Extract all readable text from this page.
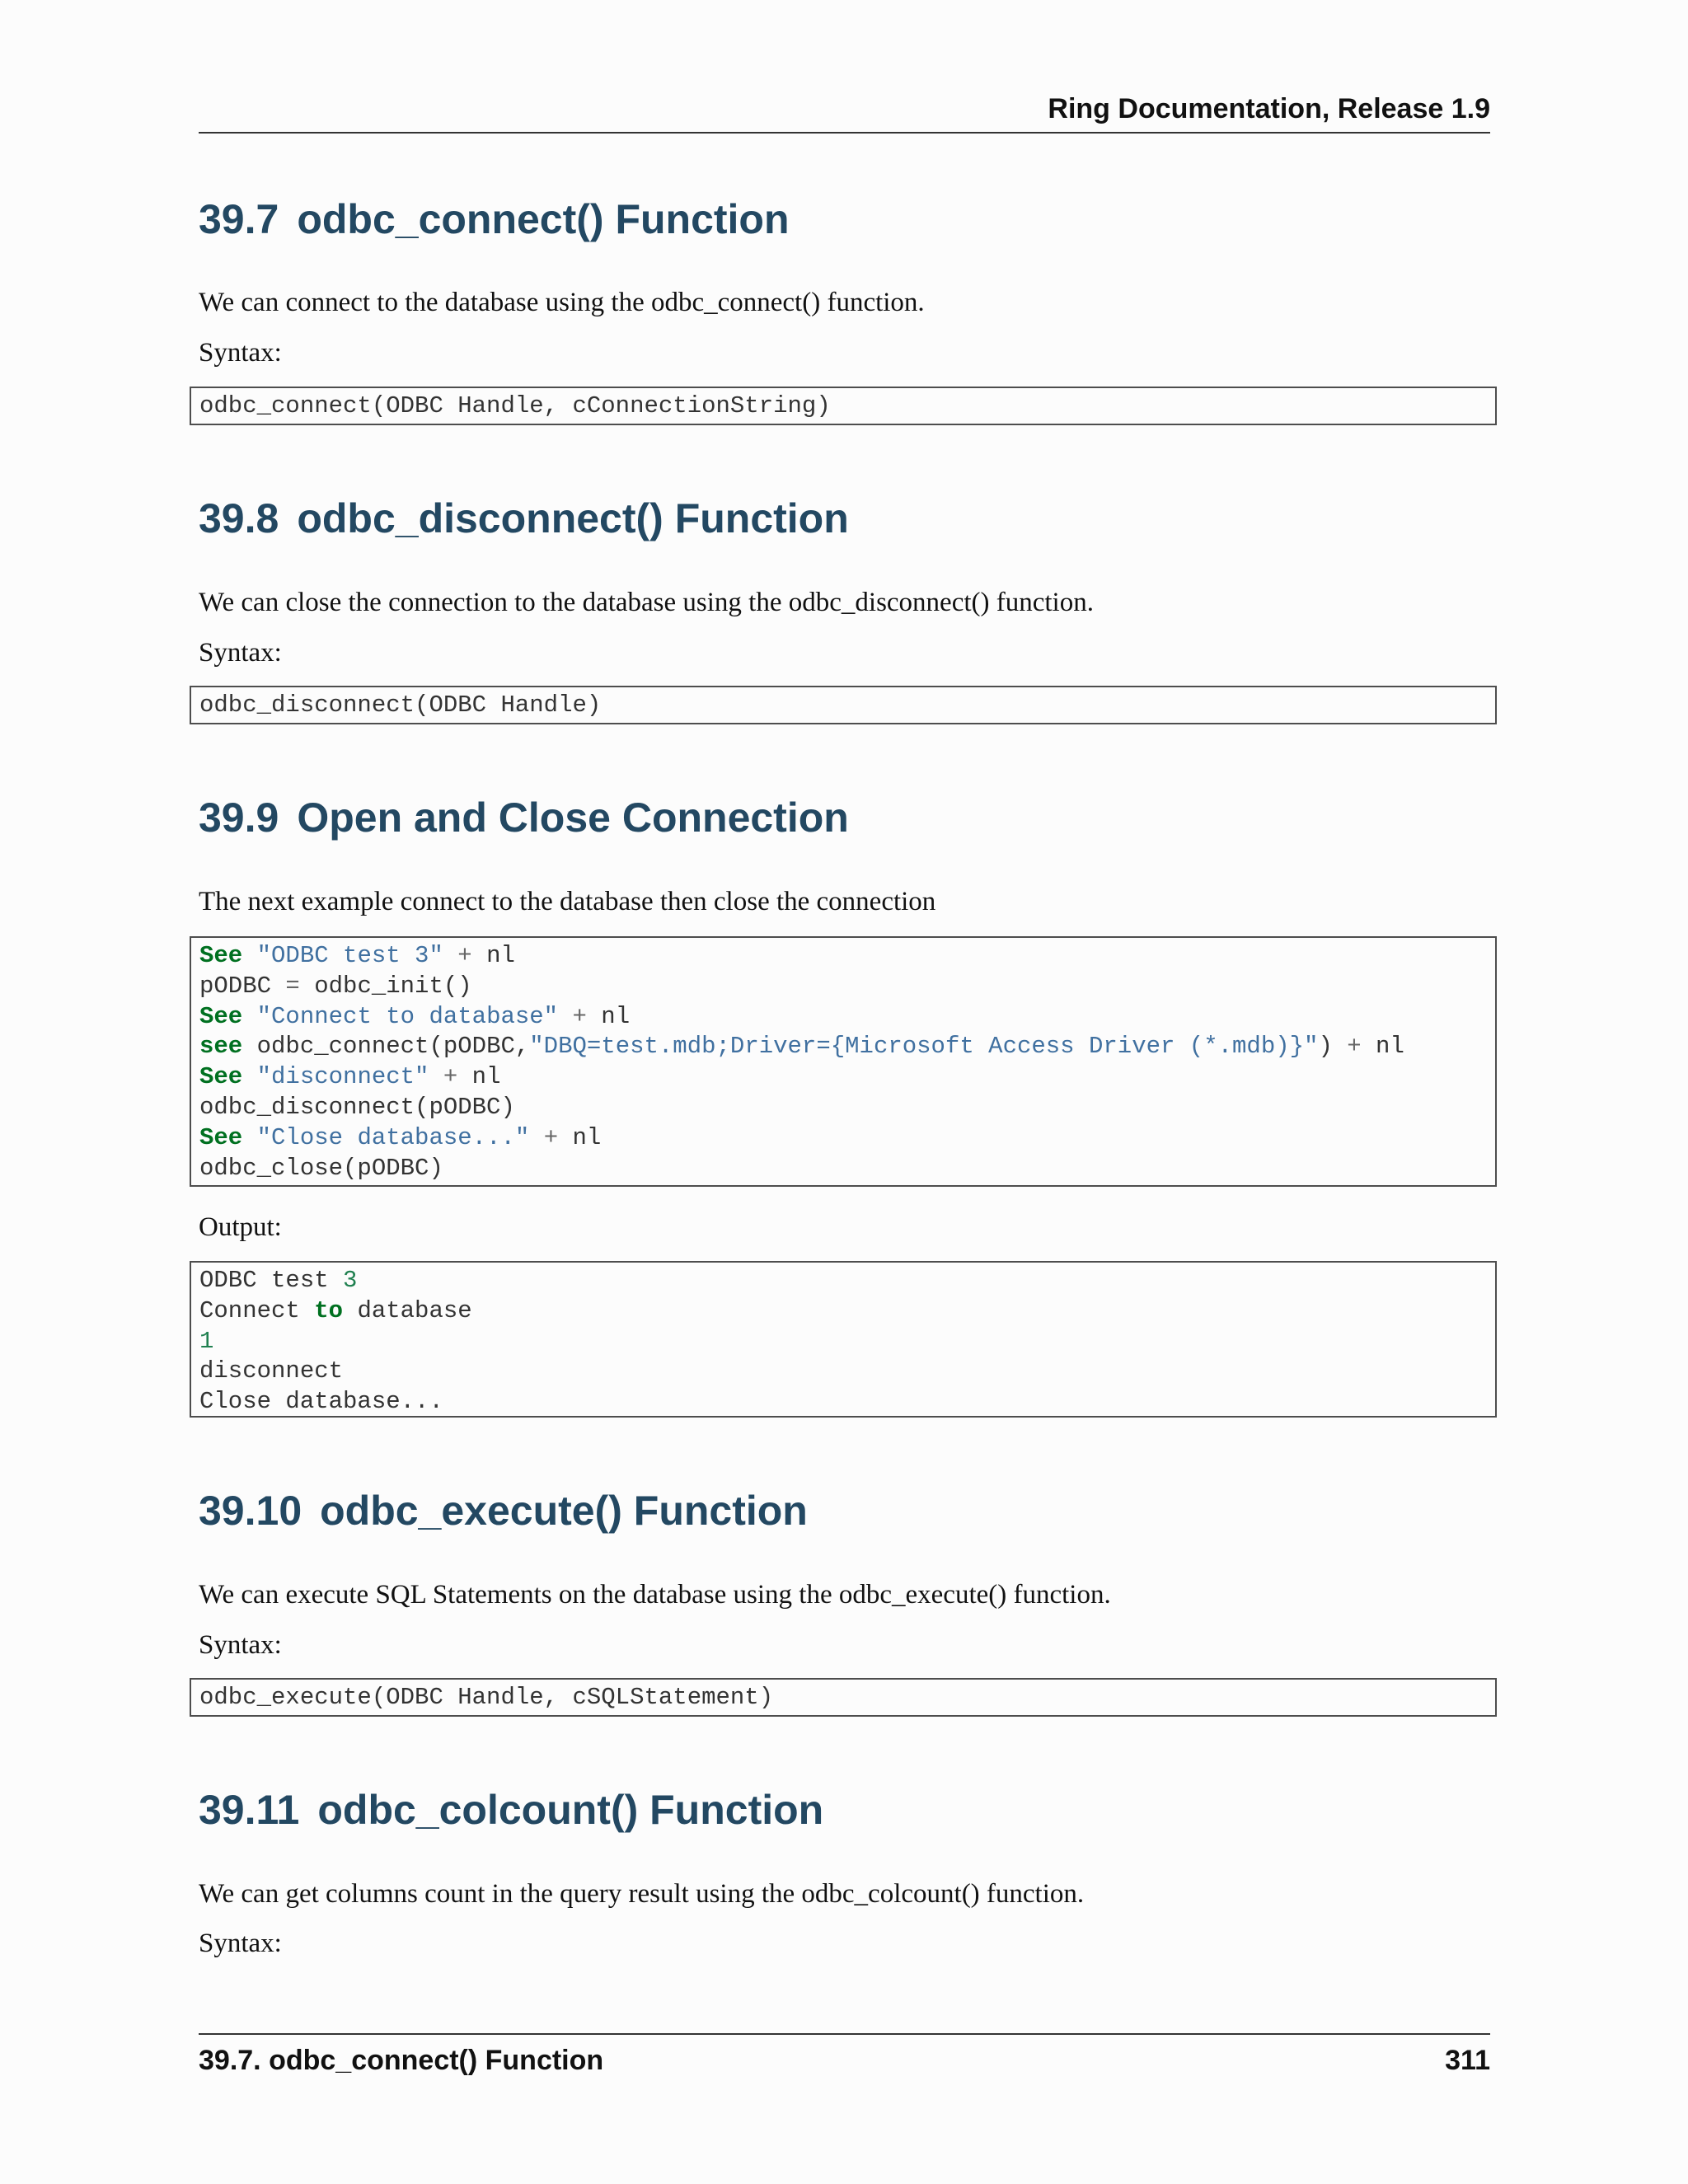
Ring Documentation, Release 1.9
39.7 odbc_connect() Function

We can connect to the database using the odbc_connect() function.

Syntax:

odbc_connect(ODBC Handle, cConnectionString)
39.8 odbc_disconnect() Function

We can close the connection to the database using the odbc_disconnect() function.

Syntax:

odbc_disconnect(ODBC Handle)
39.9 Open and Close Connection

The next example connect to the database then close the connection

See "ODBC test 3" + nl
pODBC = odbc_init()
See "Connect to database" + nl
see odbc_connect(pODBC,"DBQ=test.mdb;Driver={Microsoft Access Driver (*.mdb)}") + nl
See "disconnect" + nl
odbc_disconnect(pODBC)
See "Close database..." + nl
odbc_close(pODBC)

Output:

ODBC test 3
Connect to database
1
disconnect
Close database...
39.10 odbc_execute() Function

We can execute SQL Statements on the database using the odbc_execute() function.

Syntax:

odbc_execute(ODBC Handle, cSQLStatement)
39.11 odbc_colcount() Function

We can get columns count in the query result using the odbc_colcount() function.

Syntax:

39.7. odbc_connect() Function	311
